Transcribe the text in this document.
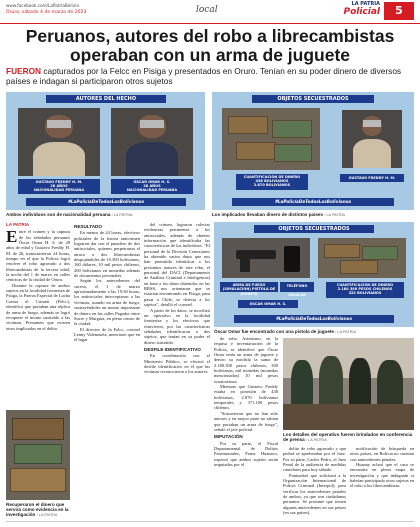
www.facebook.com/LaPatriaBolivia
Oruro, sábado 4 de marzo de 2023	local
LA PATRIA
Policial	5
Peruanos, autores del robo a librecambistas operaban con un arma de juguete
FUERON capturados por la Felcc en Pisiga y presentados en Oruro. Tenían en su poder dinero de diversos países e indagan si participaron otros sujetos
AUTORES DEL HECHO
GUSTAVO FREDDY H. M.
26 AÑOS
NACIONALIDAD PERUANA
ÓSCAR OMAR H. S.
28 AÑOS
NACIONALIDAD PERUANA
#LaPolicíaDeTodosLosBolivianos
Ambos individuos son de nacionalidad peruana / LA PATRIA
OBJETOS SECUESTRADOS
CUANTIFICACIÓN DE DINERO
438 BOLIVIANOS
2.870 BOLIVIANOS
GUSTAVO FREDDY H. M.
#LaPolicíaDeTodosLosBolivianos
Los implicados llevaban dinero de distintos países / LA PATRIA
LA PATRIA
Entre el crimen y la captura de los señalados peruanos Óscar Omar H. S. de 28 años de edad y Gustavo Freddy H. M. de 26, transcurrieron 24 horas, tiempo en el que la Policía logró resolver el robo agravado a dos librecambistas de la tercera edad, la noche del 1 de marzo en calles céntricas de la ciudad de Oruro.

Durante la captura de ambos sujetos en la localidad fronteriza de Pisiga, la Fuerza Especial de Lucha Contra el Crimen (Felcc), identificó que portaban una réplica de arma de fuego, además se logró recuperar el monto sustraído a las víctimas. Presumen que existen otros implicados en el delito.

RESULTADO

En menos de 24 horas, efectivos policiales de la fuerza anticrimen lograron dar con el paradero de dos antisociales, quienes perpetraron el atraco a dos librecambistas despojándoles de 10.300 bolivianos, 160 dólares, 10 mil pesos chilenos, 200 bolivianos en monedas además de documentos personales.

Según los antecedentes del suceso, el 1 de marzo aproximadamente a las 19:30 horas, los antisociales interceptaron a las víctimas, usando un arma de fuego, sustrayéndoles un monto importante de dinero en las calles Pagador entre Sucre y Murguía, en pleno centro de la ciudad.

El director de la Felcc, coronel Lenny Valenzuela, mencionó que en el lugar

del crimen, lograron colectar evidencias pertinentes a los antisociales, además de obtener información que identificaba las características de los individuos. "El personal de la División Conexiones ha obtenido varios datos que nos han permitido identificar a los presuntos autores de este robo, el personal del DACI (Departamento de Análisis Criminal e Inteligencia) en base a los datos obtenidos en las RRSS, nos orientaron que se estarían encontrando en Pisiga, para pasar a Chile, se detecta a los sujetos", detalló el coronel.

A partir de los datos, se movilizó un operativo en la localidad fronteriza y los efectivos que estuvieron, por las características señaladas identificaron a dos sujetos, que tenían en su poder el dinero sustraído.

DESFILE IDENTIFICATIVO

En coordinación con el Ministerio Público, se efectuó el desfile identificativo en el que las víctimas reconocieron a los autores

OBJETOS SECUESTRADOS
ARMA DE FUEGO (SIMULACIÓN) PISTOLA DE JUGUETE
TELÉFONO CELULAR
CUANTIFICACIÓN DE DINERO
2.180 300 PESOS CHILENOS
322 BOLIVIANOS
ÓSCAR OMAR H. S.
#LaPolicíaDeTodosLosBolivianos
Óscar Omar fue encontrado con una pistola de juguete / LA PATRIA

de robo. Asimismo, en la requisa e inventariación de la Policía, se identificó que Óscar Omar tenía un arma de juguete y dentro su mochila la suma de 2.180.300 pesos chilenos, 300 bolivianos, mil monedas (monedas mencionadas) 10 mil pesos ecuatorianos.

Mientras que Gustavo Freddy estaba en posesión de 438 bolivianos, 2.870 bolivianos temporales y 371.100 pesos chilenos.

"Sostuvieron que no han sido autores y en mayor parte no sabían que portaban un arma de fuego", señaló el jefe policial.

IMPUTACIÓN

Por su parte, el Fiscal Departamental de Delitos Patrimoniales, Franz Huanaco, expresó que ambos sujetos serán imputados por el

Los detalles del operativo fueron brindados en conferencia de prensa / LA PATRIA

delito de robo agravado y que pedirá se aprehendan por el Juez. Por su parte, Carlos Pedro, el Juez Penal de la audiencia de medidas cautelares para hoy sábado.

Puntualizó que solicitará a la Organización Internacional de Policía Criminal (Interpol), para verificar los antecedentes penales de ambos, ya que son ciudadanos peruanos. Se presume que tienen algunas antecedentes en sus países (en sus países).

notificación de búsqueda en otros países, en Bolivia no cuentan con antecedentes penales.

Huanay aclaró que el caso se encuentra en pleno etapa de investigación y que indagarán si habrían participado otros sujetos en el robo a los librecambistas.

Recuperaron el dinero que servirá como evidencia en la investigación / LA PATRIA
